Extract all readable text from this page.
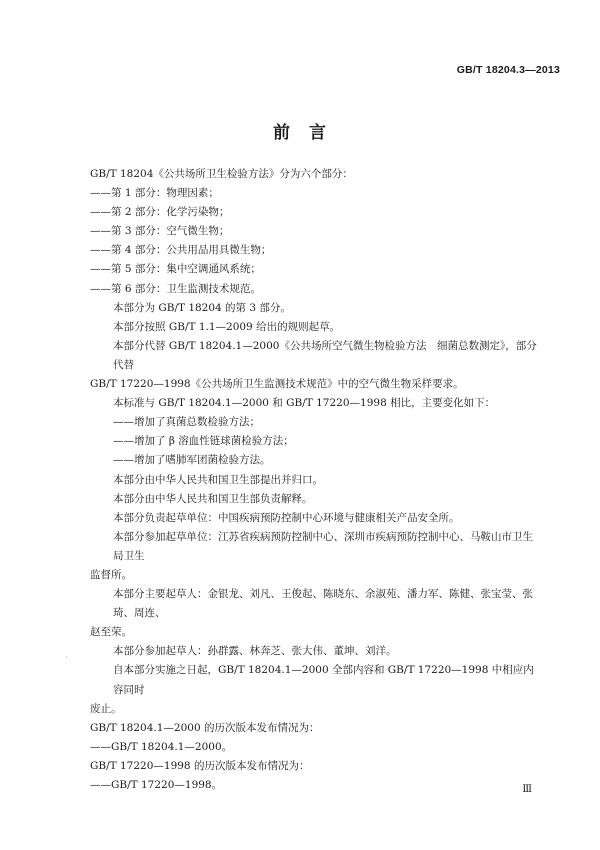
GB/T 18204.3—2013
前　言

GB/T 18204《公共场所卫生检验方法》分为六个部分：

——第 1 部分：物理因素；

——第 2 部分：化学污染物；

——第 3 部分：空气微生物；

——第 4 部分：公共用品用具微生物；

——第 5 部分：集中空调通风系统；

——第 6 部分：卫生监测技术规范。

本部分为 GB/T 18204 的第 3 部分。

本部分按照 GB/T 1.1—2009 给出的规则起草。

本部分代替 GB/T 18204.1—2000《公共场所空气微生物检验方法　细菌总数测定》，部分代替

GB/T 17220—1998《公共场所卫生监测技术规范》中的空气微生物采样要求。

本标准与 GB/T 18204.1—2000 和 GB/T 17220—1998 相比，主要变化如下：

——增加了真菌总数检验方法；

——增加了 β 溶血性链球菌检验方法；

——增加了嗜肺军团菌检验方法。

本部分由中华人民共和国卫生部提出并归口。

本部分由中华人民共和国卫生部负责解释。

本部分负责起草单位：中国疾病预防控制中心环境与健康相关产品安全所。

本部分参加起草单位：江苏省疾病预防控制中心、深圳市疾病预防控制中心、马鞍山市卫生局卫生

监督所。

本部分主要起草人：金银龙、刘凡、王俊起、陈晓东、余淑苑、潘力军、陈健、张宝莹、张琦、周连、

赵至荣。

本部分参加起草人：孙群露、林奔芝、张大伟、董坤、刘洋。

自本部分实施之日起，GB/T 18204.1—2000 全部内容和 GB/T 17220—1998 中相应内容同时

废止。

GB/T 18204.1—2000 的历次版本发布情况为：

——GB/T 18204.1—2000。

GB/T 17220—1998 的历次版本发布情况为：

——GB/T 17220—1998。	Ⅲ
